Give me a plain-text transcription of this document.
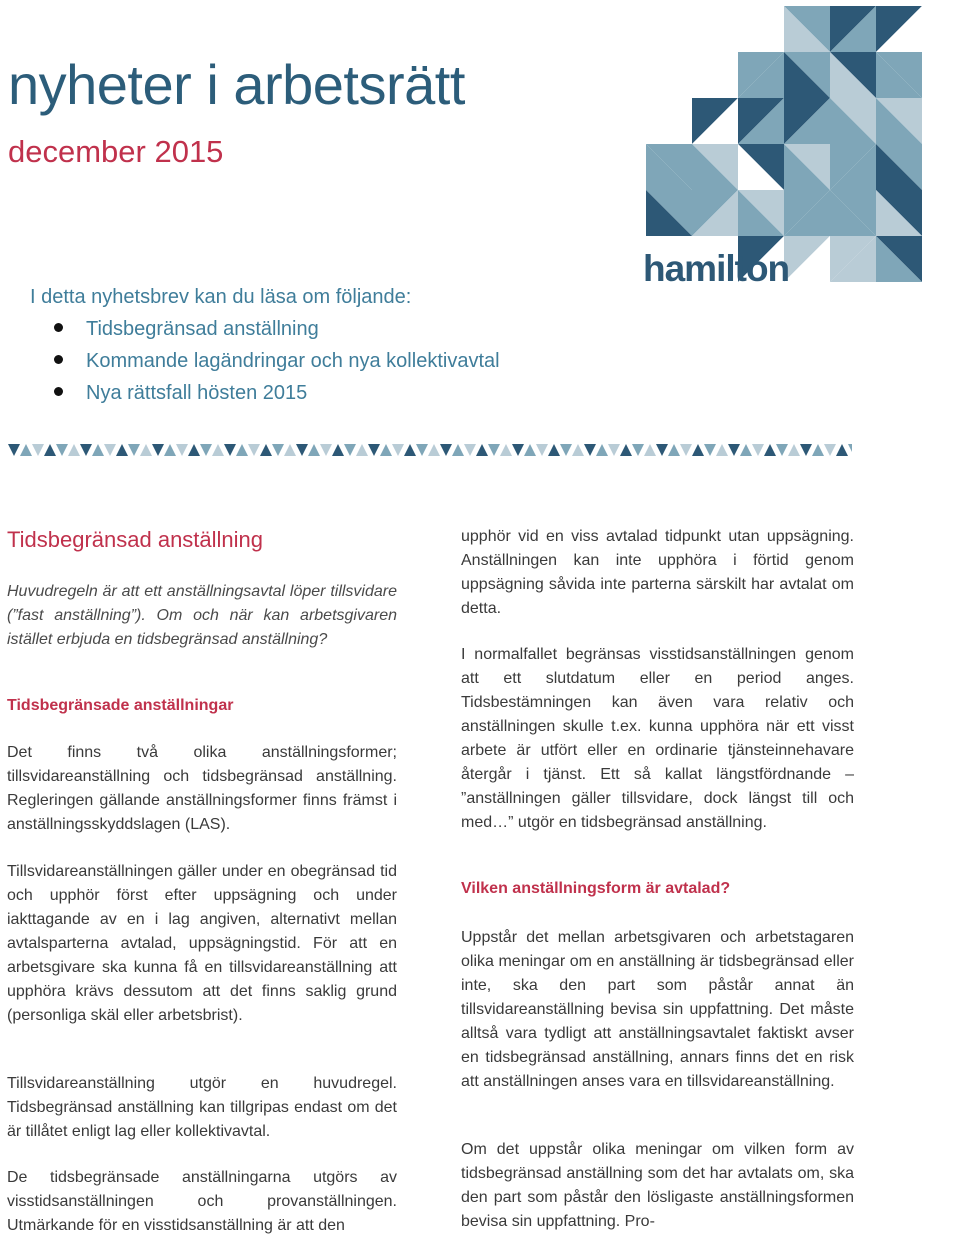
nyheter i arbetsrätt
december 2015
hamilton
I detta nyhetsbrev kan du läsa om följande:
Tidsbegränsad anställning
Kommande lagändringar och nya kollektivavtal
Nya rättsfall hösten 2015
Tidsbegränsad anställning

Huvudregeln är att ett anställningsavtal löper tillsvidare (”fast anställning”). Om och när kan arbetsgivaren istället erbjuda en tidsbegränsad anställning?

Tidsbegränsade anställningar

Det finns två olika anställningsformer; tillsvidareanställning och tidsbegränsad anställning. Regleringen gällande anställningsformer finns främst i anställningsskyddslagen (LAS).

Tillsvidareanställningen gäller under en obegränsad tid och upphör först efter uppsägning och under iakttagande av en i lag angiven, alternativt mellan avtalsparterna avtalad, uppsägningstid. För att en arbetsgivare ska kunna få en tillsvidareanställning att upphöra krävs dessutom att det finns saklig grund (personliga skäl eller arbetsbrist).

Tillsvidareanställning utgör en huvudregel. Tidsbegränsad anställning kan tillgripas endast om det är tillåtet enligt lag eller kollektivavtal.

De tidsbegränsade anställningarna utgörs av visstidsanställningen och provanställningen. Utmärkande för en visstidsanställning är att den

upphör vid en viss avtalad tidpunkt utan uppsägning. Anställningen kan inte upphöra i förtid genom uppsägning såvida inte parterna särskilt har avtalat om detta.

I normalfallet begränsas visstidsanställningen genom att ett slutdatum eller en period anges. Tidsbestämningen kan även vara relativ och anställningen skulle t.ex. kunna upphöra när ett visst arbete är utfört eller en ordinarie tjänsteinnehavare återgår i tjänst. Ett så kallat längstfördnande – ”anställningen gäller tillsvidare, dock längst till och med…” utgör en tidsbegränsad anställning.

Vilken anställningsform är avtalad?

Uppstår det mellan arbetsgivaren och arbetstagaren olika meningar om en anställning är tidsbegränsad eller inte, ska den part som påstår annat än tillsvidareanställning bevisa sin uppfattning. Det måste alltså vara tydligt att anställningsavtalet faktiskt avser en tidsbegränsad anställning, annars finns det en risk att anställningen anses vara en tillsvidareanställning.

Om det uppstår olika meningar om vilken form av tidsbegränsad anställning som det har avtalats om, ska den part som påstår den lösligaste anställningsformen bevisa sin uppfattning. Pro-
